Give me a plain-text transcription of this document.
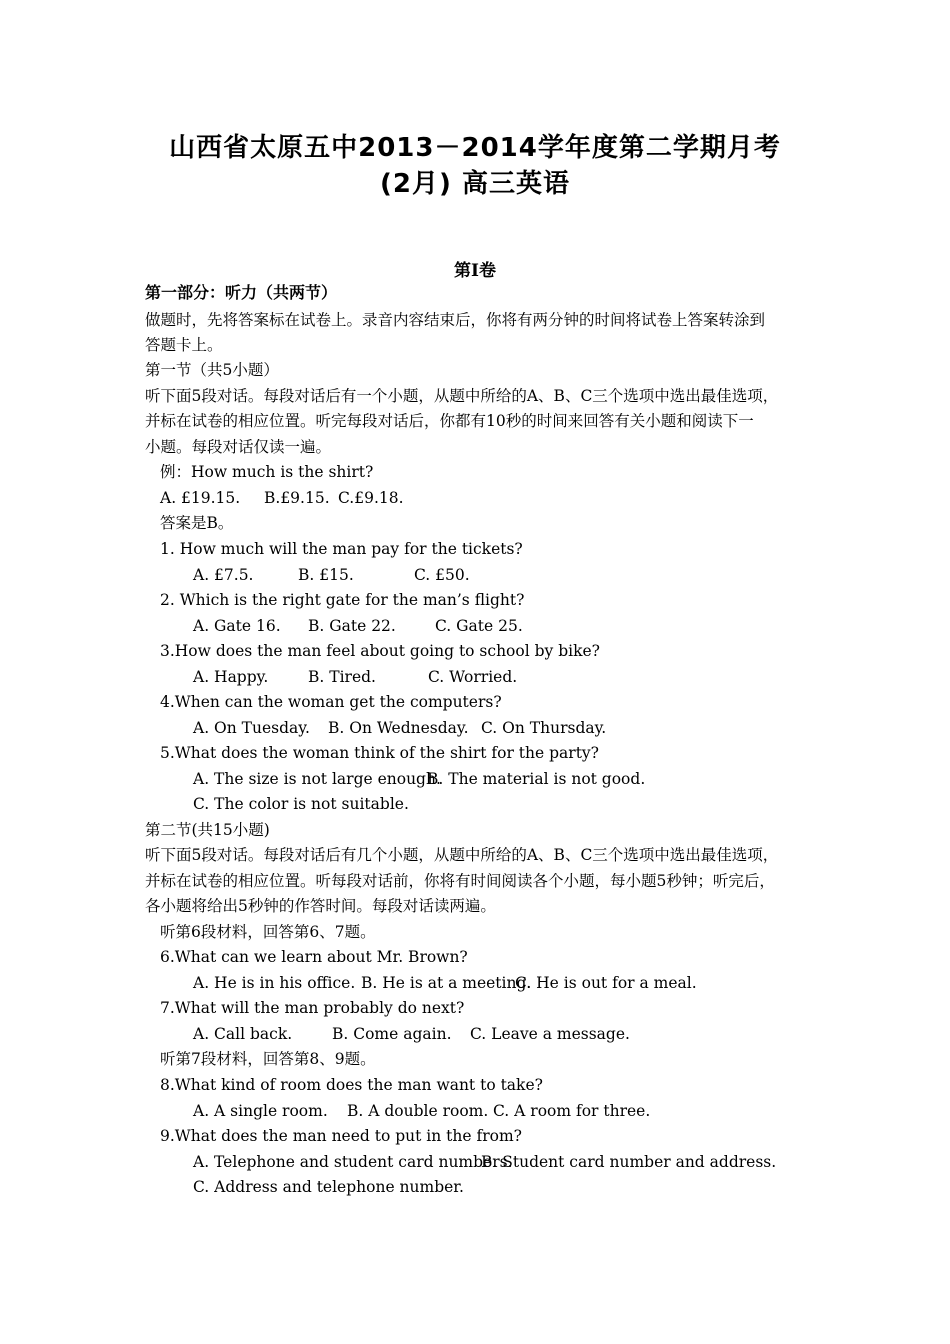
山西省太原五中2013－2014学年度第二学期月考
(2月) 高三英语
第Ⅰ卷
第一部分：听力（共两节）
做题时，先将答案标在试卷上。录音内容结束后，你将有两分钟的时间将试卷上答案转涂到
答题卡上。
第一节（共5小题）
听下面5段对话。每段对话后有一个小题，从题中所给的A、B、C三个选项中选出最佳选项，
并标在试卷的相应位置。听完每段对话后，你都有10秒的时间来回答有关小题和阅读下一
小题。每段对话仅读一遍。
例：How much is the shirt?
A. £19.15. B.£9.15. C.£9.18.
答案是B。
1. How much will the man pay for the tickets?
A. £7.5.	B. £15.	C. £50.
2. Which is the right gate for the man’s flight?
A. Gate 16. B. Gate 22.	C. Gate 25.
3.How does the man feel about going to school by bike?
A. Happy.	B. Tired.	C. Worried.
4.When can the woman get the computers?
A. On Tuesday. B. On Wednesday. C. On Thursday.
5.What does the woman think of the shirt for the party?
A. The size is not large enough.
B. The material is not good.
C. The color is not suitable.
第二节(共15小题)
听下面5段对话。每段对话后有几个小题，从题中所给的A、B、C三个选项中选出最佳选项，
并标在试卷的相应位置。听每段对话前，你将有时间阅读各个小题，每小题5秒钟；听完后，
各小题将给出5秒钟的作答时间。每段对话读两遍。
听第6段材料，回答第6、7题。
6.What can we learn about Mr. Brown?
A. He is in his office. B. He is at a meeting.
C. He is out for a meal.
7.What will the man probably do next?
A. Call back.	B. Come again. C. Leave a message.
听第7段材料，回答第8、9题。
8.What kind of room does the man want to take?
A. A single room. B. A double room. C. A room for three.
9.What does the man need to put in the from?
A. Telephone and student card numbers.
B. Student card number and address.
C. Address and telephone number.
